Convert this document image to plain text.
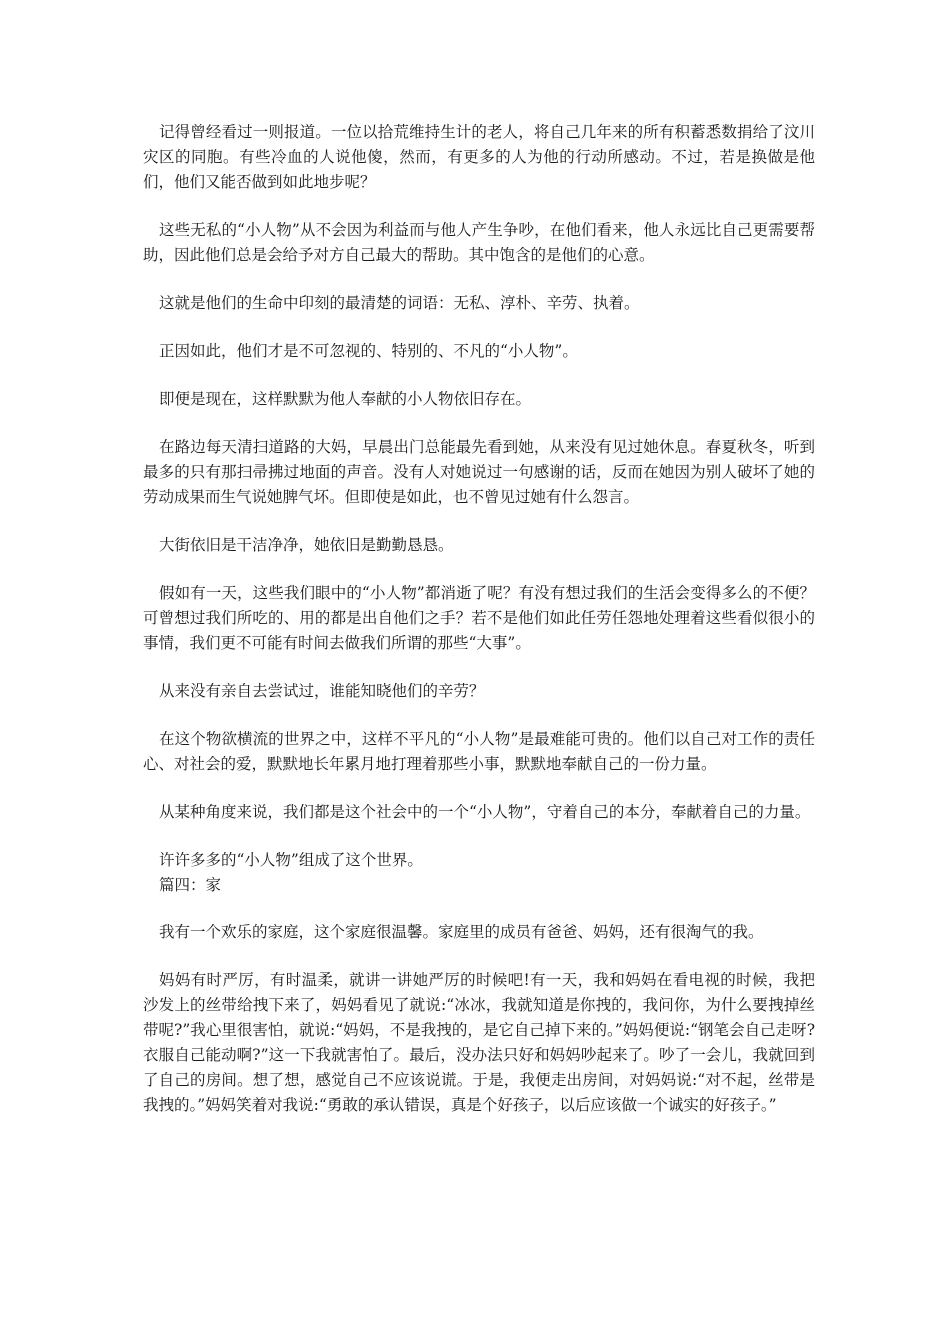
记得曾经看过一则报道。一位以拾荒维持生计的老人，将自己几年来的所有积蓄悉数捐给了汶川灾区的同胞。有些冷血的人说他傻，然而，有更多的人为他的行动所感动。不过，若是换做是他们，他们又能否做到如此地步呢？

这些无私的“小人物”从不会因为利益而与他人产生争吵，在他们看来，他人永远比自己更需要帮助，因此他们总是会给予对方自己最大的帮助。其中饱含的是他们的心意。

这就是他们的生命中印刻的最清楚的词语：无私、淳朴、辛劳、执着。

正因如此，他们才是不可忽视的、特别的、不凡的“小人物”。

即便是现在，这样默默为他人奉献的小人物依旧存在。

在路边每天清扫道路的大妈，早晨出门总能最先看到她，从来没有见过她休息。春夏秋冬，听到最多的只有那扫帚拂过地面的声音。没有人对她说过一句感谢的话，反而在她因为别人破坏了她的劳动成果而生气说她脾气坏。但即使是如此，也不曾见过她有什么怨言。

大街依旧是干洁净净，她依旧是勤勤恳恳。

假如有一天，这些我们眼中的“小人物”都消逝了呢？有没有想过我们的生活会变得多么的不便？可曾想过我们所吃的、用的都是出自他们之手？若不是他们如此任劳任怨地处理着这些看似很小的事情，我们更不可能有时间去做我们所谓的那些“大事”。

从来没有亲自去尝试过，谁能知晓他们的辛劳？

在这个物欲横流的世界之中，这样不平凡的“小人物”是最难能可贵的。他们以自己对工作的责任心、对社会的爱，默默地长年累月地打理着那些小事，默默地奉献自己的一份力量。

从某种角度来说，我们都是这个社会中的一个“小人物”，守着自己的本分，奉献着自己的力量。

许许多多的“小人物”组成了这个世界。

篇四：家

我有一个欢乐的家庭，这个家庭很温馨。家庭里的成员有爸爸、妈妈，还有很淘气的我。

妈妈有时严厉，有时温柔，就讲一讲她严厉的时候吧!有一天，我和妈妈在看电视的时候，我把沙发上的丝带给拽下来了，妈妈看见了就说:“冰冰，我就知道是你拽的，我问你，为什么要拽掉丝带呢?”我心里很害怕，就说:“妈妈，不是我拽的，是它自己掉下来的。”妈妈便说:“钢笔会自己走呀?衣服自己能动啊?”这一下我就害怕了。最后，没办法只好和妈妈吵起来了。吵了一会儿，我就回到了自己的房间。想了想，感觉自己不应该说谎。于是，我便走出房间，对妈妈说:“对不起，丝带是我拽的。”妈妈笑着对我说:“勇敢的承认错误，真是个好孩子，以后应该做一个诚实的好孩子。”
